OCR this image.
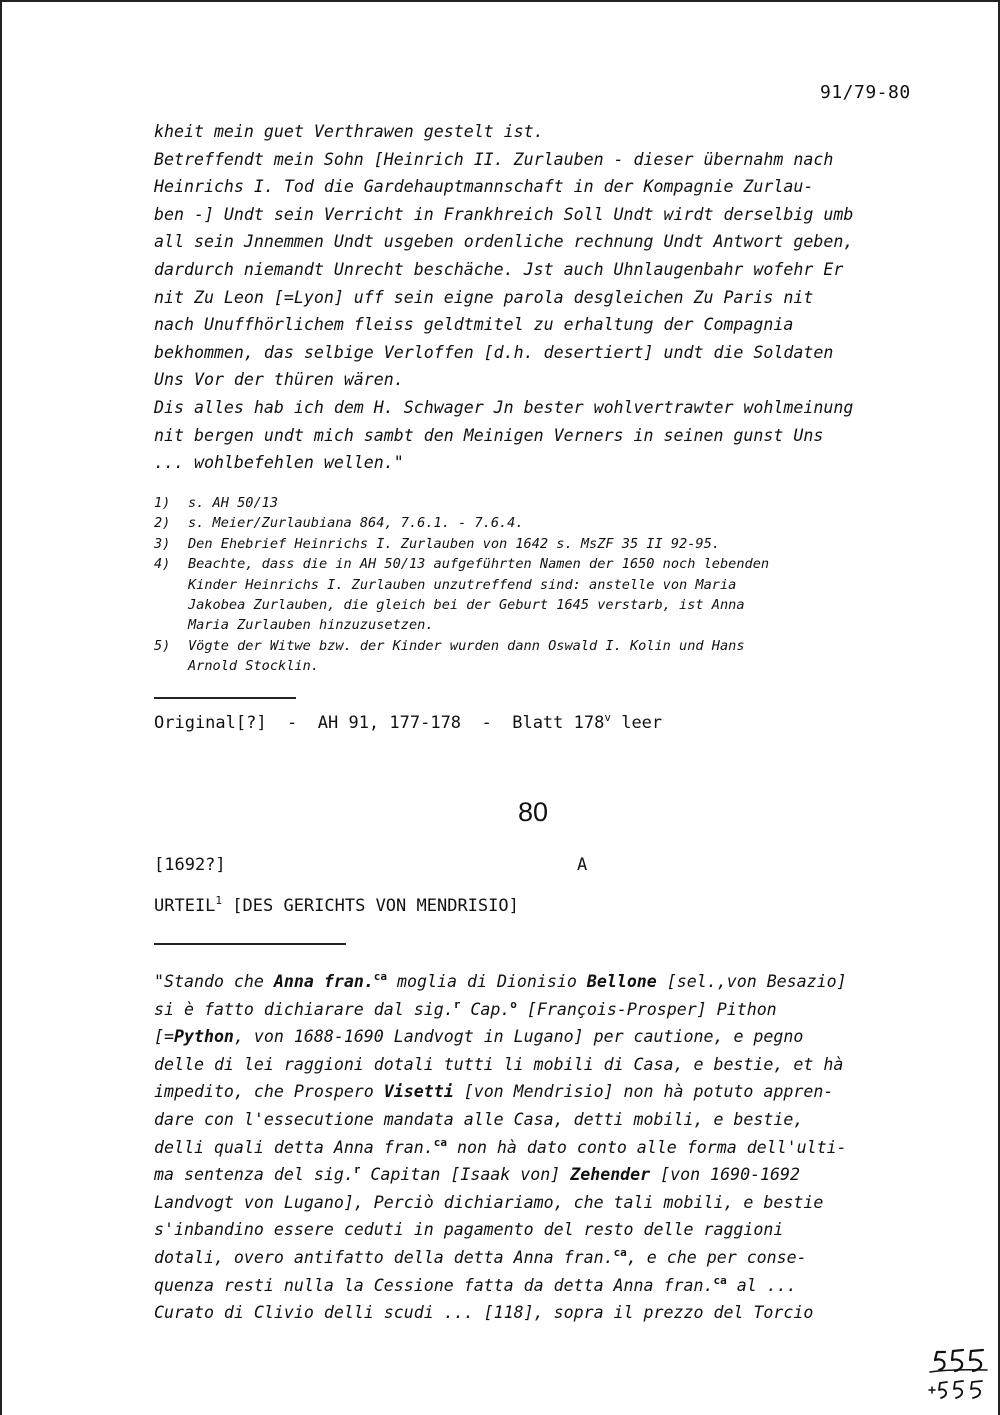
91/79-80
kheit mein guet Verthrawen gestelt ist.
Betreffendt mein Sohn [Heinrich II. Zurlauben - dieser übernahm nach
Heinrichs I. Tod die Gardehauptmannschaft in der Kompagnie Zurlau-
ben -] Undt sein Verricht in Frankhreich Soll Undt wirdt derselbig umb
all sein Jnnemmen Undt usgeben ordenliche rechnung Undt Antwort geben,
dardurch niemandt Unrecht beschäche. Jst auch Uhnlaugenbahr wofehr Er
nit Zu Leon [=Lyon] uff sein eigne parola desgleichen Zu Paris nit
nach Unuffhörlichem fleiss geldtmitel zu erhaltung der Compagnia
bekhommen, das selbige Verloffen [d.h. desertiert] undt die Soldaten
Uns Vor der thüren wären.
Dis alles hab ich dem H. Schwager Jn bester wohlvertrawter wohlmeinung
nit bergen undt mich sambt den Meinigen Verners in seinen gunst Uns
... wohlbefehlen wellen."
1)	s. AH 50/13
2)	s. Meier/Zurlaubiana 864, 7.6.1. - 7.6.4.
3)	Den Ehebrief Heinrichs I. Zurlauben von 1642 s. MsZF 35 II 92-95.
4)	Beachte, dass die in AH 50/13 aufgeführten Namen der 1650 noch lebenden
Kinder Heinrichs I. Zurlauben unzutreffend sind: anstelle von Maria
Jakobea Zurlauben, die gleich bei der Geburt 1645 verstarb, ist Anna
Maria Zurlauben hinzuzusetzen.
5)	Vögte der Witwe bzw. der Kinder wurden dann Oswald I. Kolin und Hans
Arnold Stocklin.
Original[?]  -  AH 91, 177-178  -  Blatt 178$^v$ leer
80
[1692?]	A
URTEIL$^1$ [DES GERICHTS VON MENDRISIO]
"Stando che Anna fran.$^{ca}$ moglia di Dionisio Bellone [sel.,von Besazio]
si è fatto dichiarare dal sig.$^r$ Cap.$^o$ [François-Prosper] Pithon
[=Python, von 1688-1690 Landvogt in Lugano] per cautione, e pegno
delle di lei raggioni dotali tutti li mobili di Casa, e bestie, et hà
impedito, che Prospero Visetti [von Mendrisio] non hà potuto appren-
dare con l'essecutione mandata alle Casa, detti mobili, e bestie,
delli quali detta Anna fran.$^{ca}$ non hà dato conto alle forma dell'ulti-
ma sentenza del sig.$^r$ Capitan [Isaak von] Zehender [von 1690-1692
Landvogt von Lugano], Perciò dichiariamo, che tali mobili, e bestie
s'inbandino essere ceduti in pagamento del resto delle raggioni
dotali, overo antifatto della detta Anna fran.$^{ca}$, e che per conse-
quenza resti nulla la Cessione fatta da detta Anna fran.$^{ca}$ al ...
Curato di Clivio delli scudi ... [118], sopra il prezzo del Torcio
